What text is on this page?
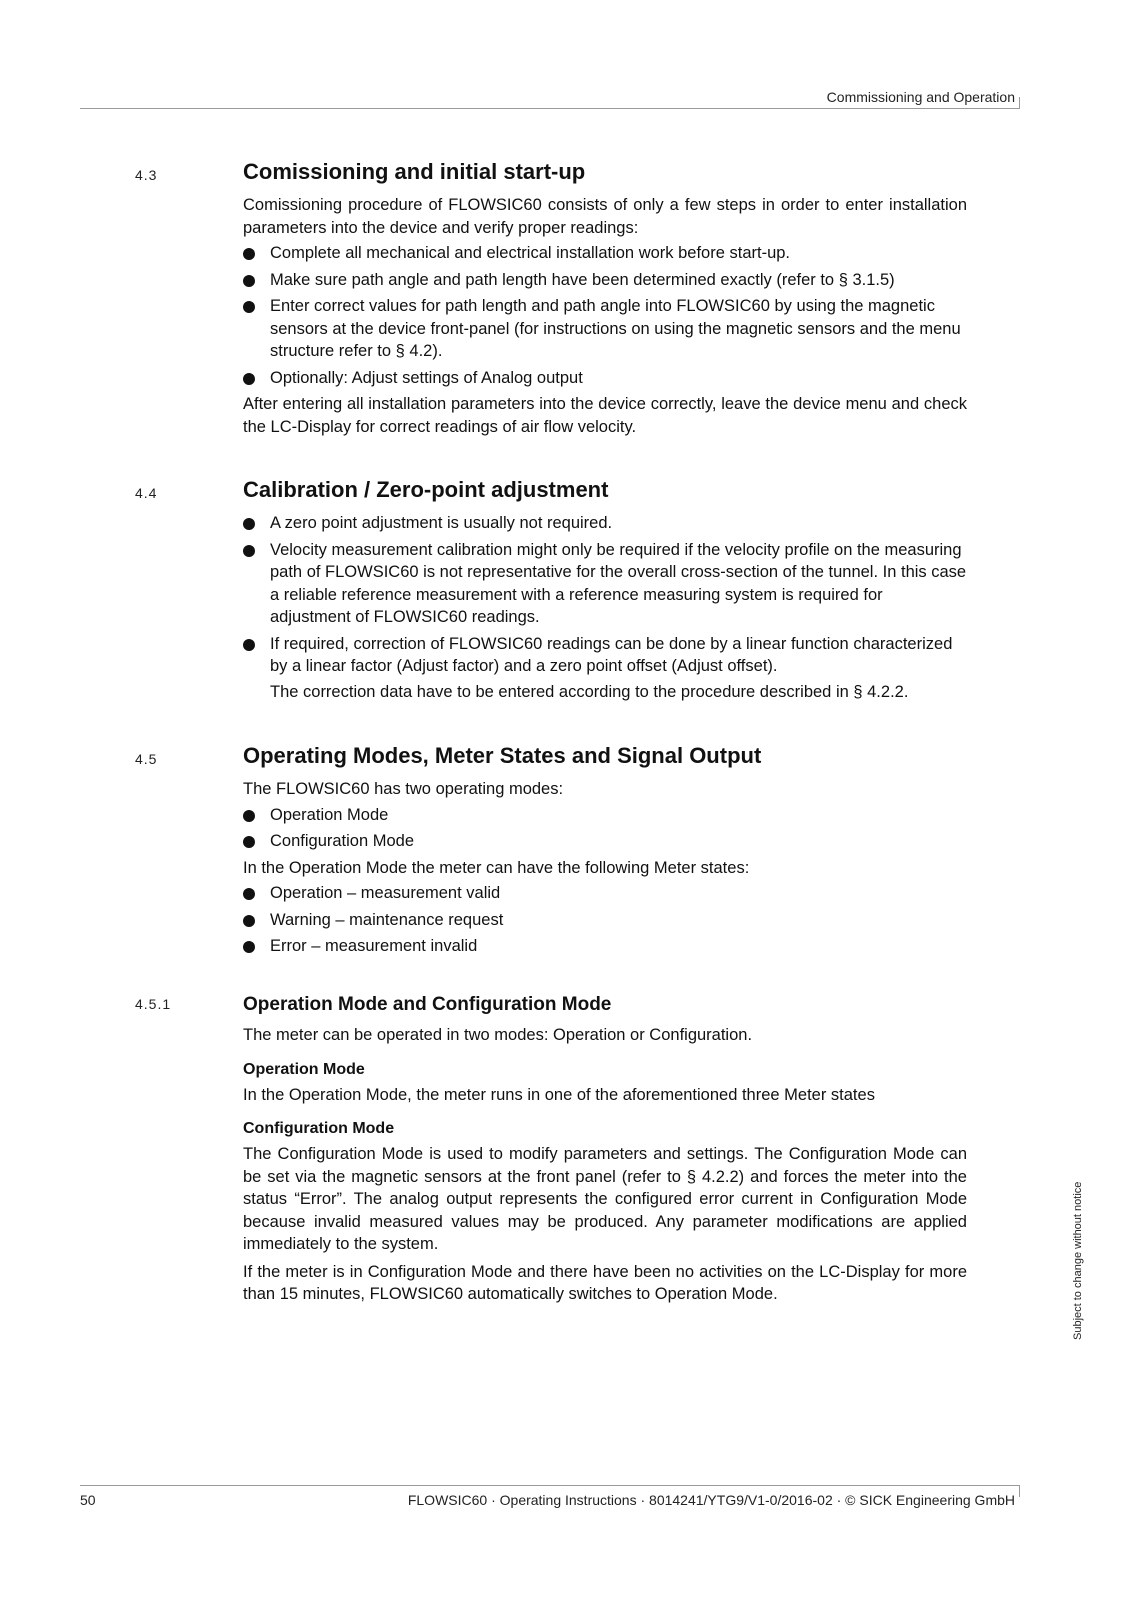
Commissioning and Operation
Subject to change without notice
4.3	Comissioning and initial start-up

Comissioning procedure of FLOWSIC60 consists of only a few steps in order to enter installation parameters into the device and verify proper readings:

Complete all mechanical and electrical installation work before start-up.
Make sure path angle and path length have been determined exactly (refer to § 3.1.5)
Enter correct values for path length and path angle into FLOWSIC60 by using the magnetic sensors at the device front-panel (for instructions on using the magnetic sensors and the menu structure refer to § 4.2).
Optionally: Adjust settings of Analog output

After entering all installation parameters into the device correctly, leave the device menu and check the LC-Display for correct readings of air flow velocity.

4.4	Calibration / Zero-point adjustment
A zero point adjustment is usually not required.
Velocity measurement calibration might only be required if the velocity profile on the measuring path of FLOWSIC60 is not representative for the overall cross-section of the tunnel. In this case a reliable reference measurement with a reference measuring system is required for adjustment of FLOWSIC60 readings.
If required, correction of FLOWSIC60 readings can be done by a linear function characterized by a linear factor (Adjust factor) and a zero point offset (Adjust offset).

The correction data have to be entered according to the procedure described in § 4.2.2.

4.5	Operating Modes, Meter States and Signal Output

The FLOWSIC60 has two operating modes:

Operation Mode
Configuration Mode

In the Operation Mode the meter can have the following Meter states:

Operation – measurement valid
Warning – maintenance request
Error – measurement invalid
4.5.1	Operation Mode and Configuration Mode

The meter can be operated in two modes: Operation or Configuration.

Operation Mode

In the Operation Mode, the meter runs in one of the aforementioned three Meter states

Configuration Mode

The Configuration Mode is used to modify parameters and settings. The Configuration Mode can be set via the magnetic sensors at the front panel (refer to § 4.2.2) and forces the meter into the status “Error”. The analog output represents the configured error current in Configuration Mode because invalid measured values may be produced. Any parameter modifications are applied immediately to the system.

If the meter is in Configuration Mode and there have been no activities on the LC-Display for more than 15 minutes, FLOWSIC60 automatically switches to Operation Mode.

50	FLOWSIC60 · Operating Instructions · 8014241/YTG9/V1-0/2016-02 · © SICK Engineering GmbH
